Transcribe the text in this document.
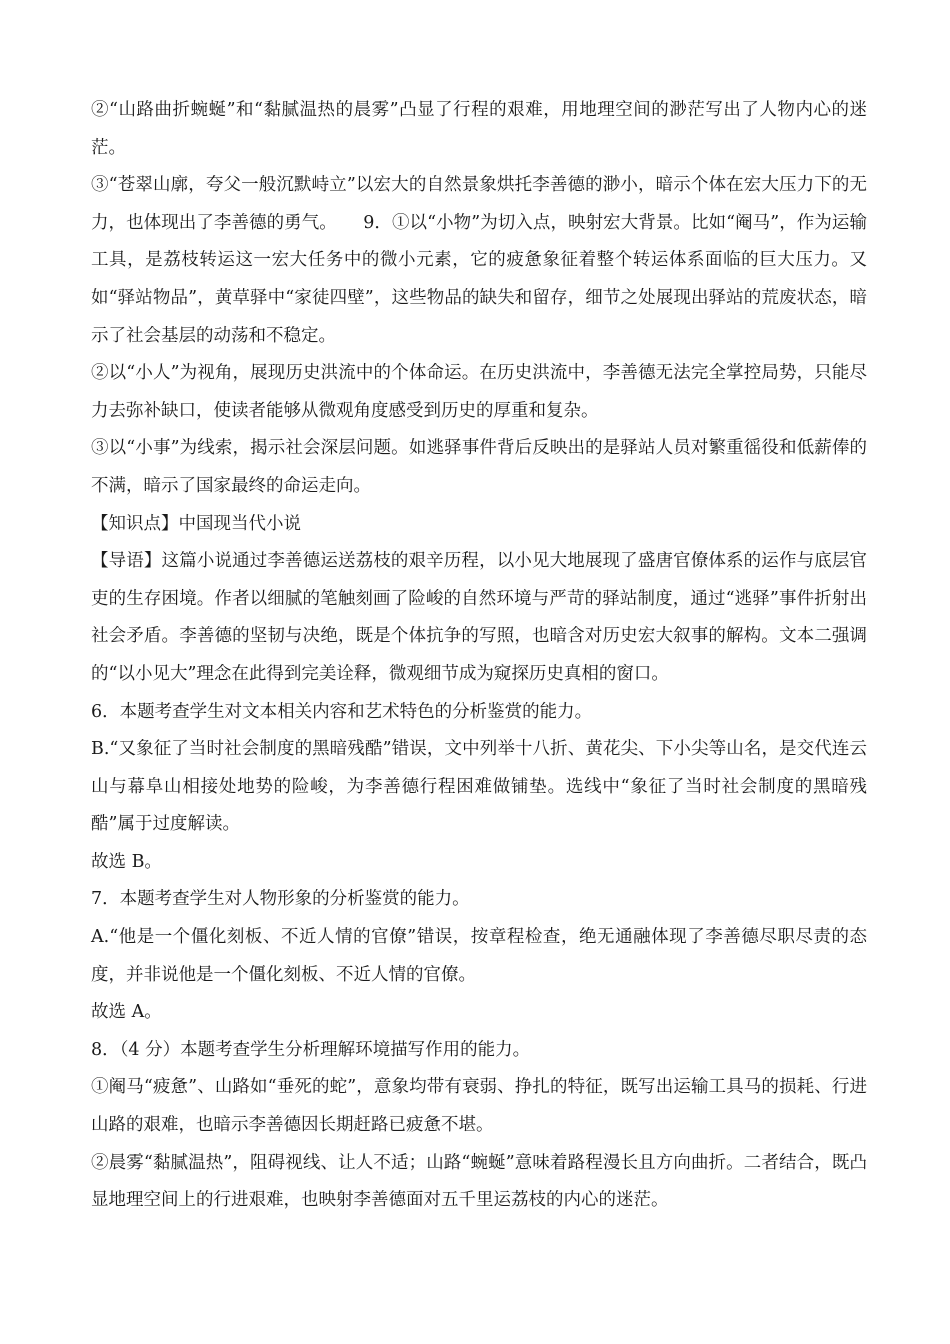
②“山路曲折蜿蜒”和“黏腻温热的晨雾”凸显了行程的艰难，用地理空间的渺茫写出了人物内心的迷茫。

③“苍翠山廓，夸父一般沉默峙立”以宏大的自然景象烘托李善德的渺小，暗示个体在宏大压力下的无力，也体现出了李善德的勇气。　　9．①以“小物”为切入点，映射宏大背景。比如“阉马”，作为运输工具，是荔枝转运这一宏大任务中的微小元素，它的疲惫象征着整个转运体系面临的巨大压力。又如“驿站物品”，黄草驿中“家徒四壁”，这些物品的缺失和留存，细节之处展现出驿站的荒废状态，暗示了社会基层的动荡和不稳定。

②以“小人”为视角，展现历史洪流中的个体命运。在历史洪流中，李善德无法完全掌控局势，只能尽力去弥补缺口，使读者能够从微观角度感受到历史的厚重和复杂。

③以“小事”为线索，揭示社会深层问题。如逃驿事件背后反映出的是驿站人员对繁重徭役和低薪俸的不满，暗示了国家最终的命运走向。

【知识点】中国现当代小说

【导语】这篇小说通过李善德运送荔枝的艰辛历程，以小见大地展现了盛唐官僚体系的运作与底层官吏的生存困境。作者以细腻的笔触刻画了险峻的自然环境与严苛的驿站制度，通过“逃驿”事件折射出社会矛盾。李善德的坚韧与决绝，既是个体抗争的写照，也暗含对历史宏大叙事的解构。文本二强调的“以小见大”理念在此得到完美诠释，微观细节成为窥探历史真相的窗口。

6．本题考查学生对文本相关内容和艺术特色的分析鉴赏的能力。

B.“又象征了当时社会制度的黑暗残酷”错误，文中列举十八折、黄花尖、下小尖等山名，是交代连云山与幕阜山相接处地势的险峻，为李善德行程困难做铺垫。选线中“象征了当时社会制度的黑暗残酷”属于过度解读。

故选 B。

7．本题考查学生对人物形象的分析鉴赏的能力。

A.“他是一个僵化刻板、不近人情的官僚”错误，按章程检查，绝无通融体现了李善德尽职尽责的态度，并非说他是一个僵化刻板、不近人情的官僚。

故选 A。

8．（4 分）本题考查学生分析理解环境描写作用的能力。

①阉马“疲惫”、山路如“垂死的蛇”，意象均带有衰弱、挣扎的特征，既写出运输工具马的损耗、行进山路的艰难，也暗示李善德因长期赶路已疲惫不堪。

②晨雾“黏腻温热”，阻碍视线、让人不适；山路“蜿蜒”意味着路程漫长且方向曲折。二者结合，既凸显地理空间上的行进艰难，也映射李善德面对五千里运荔枝的内心的迷茫。
